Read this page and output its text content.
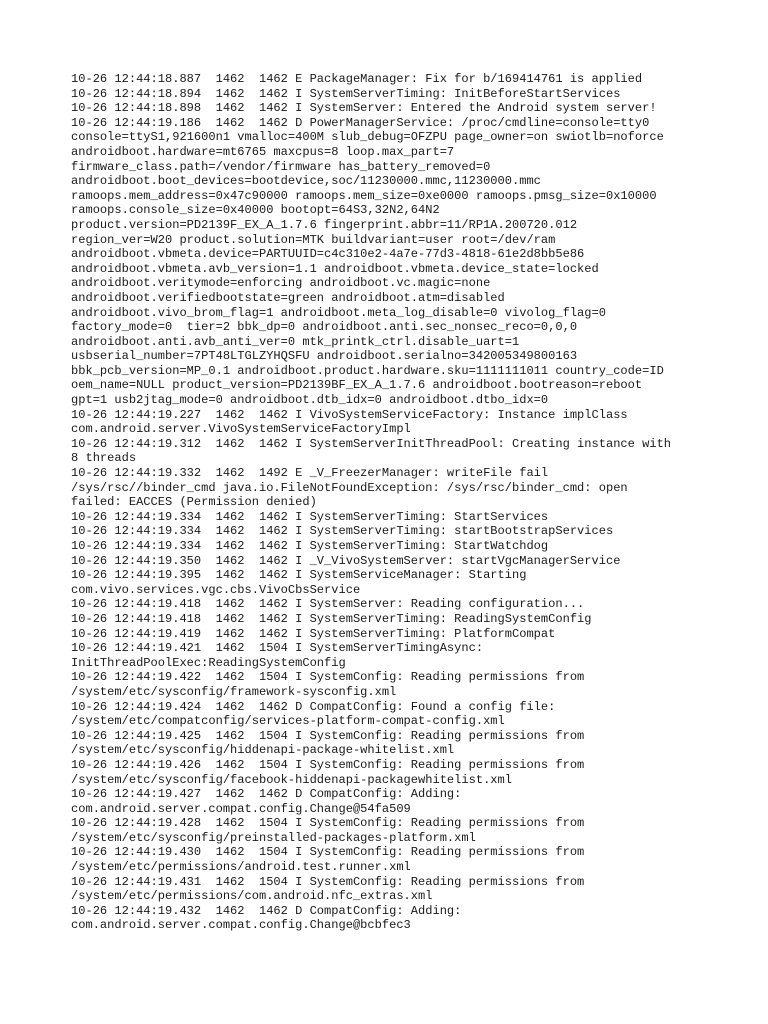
10-26 12:44:18.887  1462  1462 E PackageManager: Fix for b/169414761 is applied
10-26 12:44:18.894  1462  1462 I SystemServerTiming: InitBeforeStartServices
10-26 12:44:18.898  1462  1462 I SystemServer: Entered the Android system server!
10-26 12:44:19.186  1462  1462 D PowerManagerService: /proc/cmdline=console=tty0
console=ttyS1,921600n1 vmalloc=400M slub_debug=OFZPU page_owner=on swiotlb=noforce
androidboot.hardware=mt6765 maxcpus=8 loop.max_part=7
firmware_class.path=/vendor/firmware has_battery_removed=0
androidboot.boot_devices=bootdevice,soc/11230000.mmc,11230000.mmc
ramoops.mem_address=0x47c90000 ramoops.mem_size=0xe0000 ramoops.pmsg_size=0x10000
ramoops.console_size=0x40000 bootopt=64S3,32N2,64N2
product.version=PD2139F_EX_A_1.7.6 fingerprint.abbr=11/RP1A.200720.012
region_ver=W20 product.solution=MTK buildvariant=user root=/dev/ram
androidboot.vbmeta.device=PARTUUID=c4c310e2-4a7e-77d3-4818-61e2d8bb5e86
androidboot.vbmeta.avb_version=1.1 androidboot.vbmeta.device_state=locked
androidboot.veritymode=enforcing androidboot.vc.magic=none
androidboot.verifiedbootstate=green androidboot.atm=disabled
androidboot.vivo_brom_flag=1 androidboot.meta_log_disable=0 vivolog_flag=0
factory_mode=0  tier=2 bbk_dp=0 androidboot.anti.sec_nonsec_reco=0,0,0
androidboot.anti.avb_anti_ver=0 mtk_printk_ctrl.disable_uart=1
usbserial_number=7PT48LTGLZYHQSFU androidboot.serialno=342005349800163
bbk_pcb_version=MP_0.1 androidboot.product.hardware.sku=1111111011 country_code=ID
oem_name=NULL product_version=PD2139BF_EX_A_1.7.6 androidboot.bootreason=reboot
gpt=1 usb2jtag_mode=0 androidboot.dtb_idx=0 androidboot.dtbo_idx=0
10-26 12:44:19.227  1462  1462 I VivoSystemServiceFactory: Instance implClass
com.android.server.VivoSystemServiceFactoryImpl
10-26 12:44:19.312  1462  1462 I SystemServerInitThreadPool: Creating instance with
8 threads
10-26 12:44:19.332  1462  1492 E _V_FreezerManager: writeFile fail
/sys/rsc//binder_cmd java.io.FileNotFoundException: /sys/rsc/binder_cmd: open
failed: EACCES (Permission denied)
10-26 12:44:19.334  1462  1462 I SystemServerTiming: StartServices
10-26 12:44:19.334  1462  1462 I SystemServerTiming: startBootstrapServices
10-26 12:44:19.334  1462  1462 I SystemServerTiming: StartWatchdog
10-26 12:44:19.350  1462  1462 I _V_VivoSystemServer: startVgcManagerService
10-26 12:44:19.395  1462  1462 I SystemServiceManager: Starting
com.vivo.services.vgc.cbs.VivoCbsService
10-26 12:44:19.418  1462  1462 I SystemServer: Reading configuration...
10-26 12:44:19.418  1462  1462 I SystemServerTiming: ReadingSystemConfig
10-26 12:44:19.419  1462  1462 I SystemServerTiming: PlatformCompat
10-26 12:44:19.421  1462  1504 I SystemServerTimingAsync:
InitThreadPoolExec:ReadingSystemConfig
10-26 12:44:19.422  1462  1504 I SystemConfig: Reading permissions from
/system/etc/sysconfig/framework-sysconfig.xml
10-26 12:44:19.424  1462  1462 D CompatConfig: Found a config file:
/system/etc/compatconfig/services-platform-compat-config.xml
10-26 12:44:19.425  1462  1504 I SystemConfig: Reading permissions from
/system/etc/sysconfig/hiddenapi-package-whitelist.xml
10-26 12:44:19.426  1462  1504 I SystemConfig: Reading permissions from
/system/etc/sysconfig/facebook-hiddenapi-packagewhitelist.xml
10-26 12:44:19.427  1462  1462 D CompatConfig: Adding:
com.android.server.compat.config.Change@54fa509
10-26 12:44:19.428  1462  1504 I SystemConfig: Reading permissions from
/system/etc/sysconfig/preinstalled-packages-platform.xml
10-26 12:44:19.430  1462  1504 I SystemConfig: Reading permissions from
/system/etc/permissions/android.test.runner.xml
10-26 12:44:19.431  1462  1504 I SystemConfig: Reading permissions from
/system/etc/permissions/com.android.nfc_extras.xml
10-26 12:44:19.432  1462  1462 D CompatConfig: Adding:
com.android.server.compat.config.Change@bcbfec3
